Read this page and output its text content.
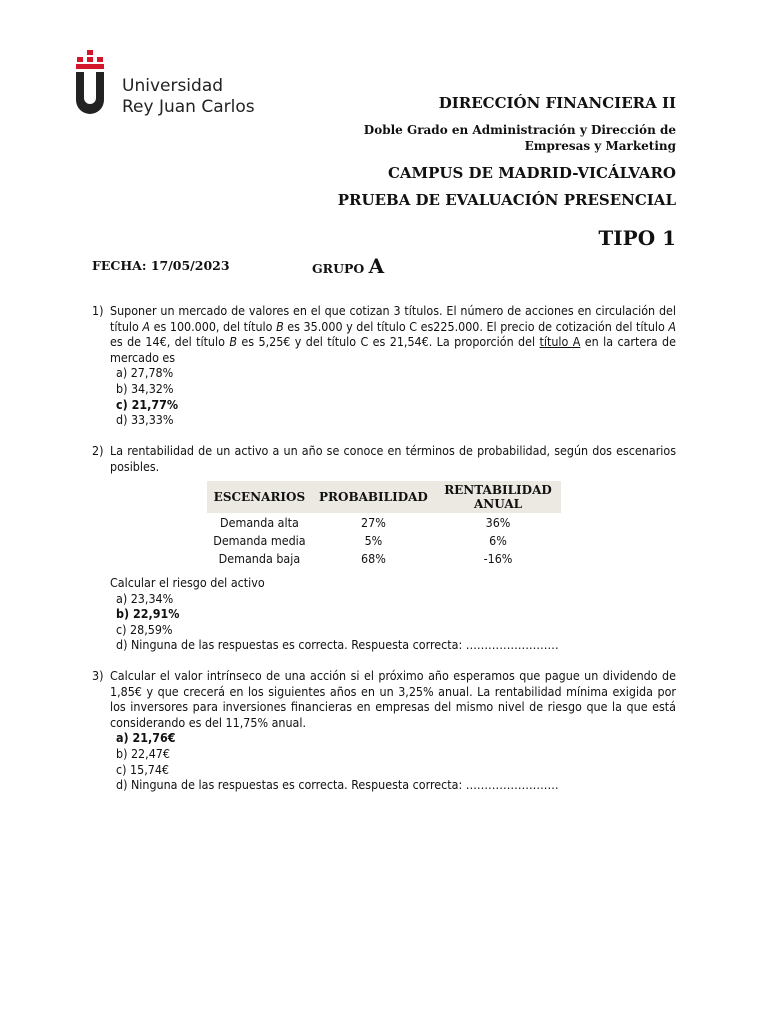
Universidad
Rey Juan Carlos	DIRECCIÓN FINANCIERA II
Doble Grado en Administración y Dirección de
Empresas y Marketing
CAMPUS DE MADRID-VICÁLVARO
PRUEBA DE EVALUACIÓN PRESENCIAL
TIPO 1
FECHA: 17/05/2023	GRUPO A
1) Suponer un mercado de valores en el que cotizan 3 títulos. El número de acciones en circulación del título A es 100.000, del título B es 35.000 y del título C es225.000. El precio de cotización del título A es de 14€, del título B es 5,25€ y del título C es 21,54€. La proporción del título A en la cartera de mercado es
a) 27,78%
b) 34,32%
c) 21,77%
d) 33,33%
2) La rentabilidad de un activo a un año se conoce en términos de probabilidad, según dos escenarios posibles.
ESCENARIOS	PROBABILIDAD	RENTABILIDAD ANUAL
Demanda alta	27%	36%
Demanda media	5%	6%
Demanda baja	68%	-16%
Calcular el riesgo del activo
a) 23,34%
b) 22,91%
c) 28,59%
d) Ninguna de las respuestas es correcta. Respuesta correcta: …………………….
3) Calcular el valor intrínseco de una acción si el próximo año esperamos que pague un dividendo de 1,85€ y que crecerá en los siguientes años en un 3,25% anual. La rentabilidad mínima exigida por los inversores para inversiones financieras en empresas del mismo nivel de riesgo que la que está considerando es del 11,75% anual.
a) 21,76€
b) 22,47€
c) 15,74€
d) Ninguna de las respuestas es correcta. Respuesta correcta: …………………….
